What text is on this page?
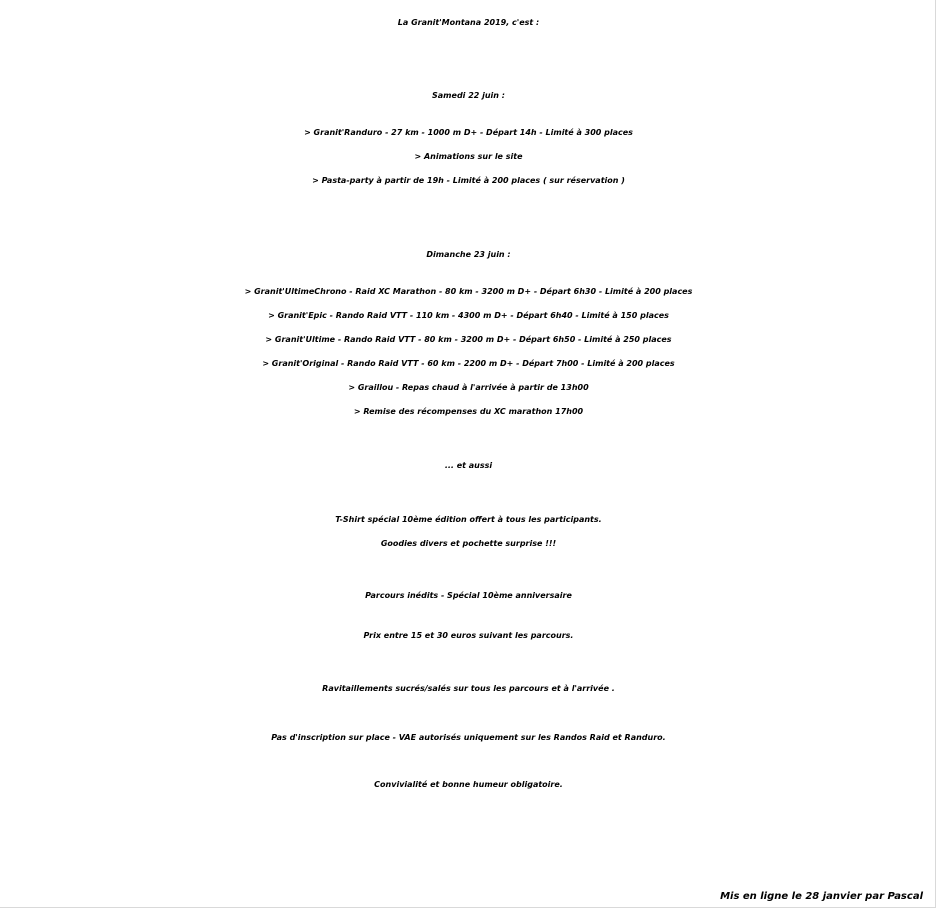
La Granit'Montana 2019, c'est :
Samedi 22 juin :
> Granit'Randuro - 27 km - 1000 m D+ - Départ 14h - Limité à 300 places
> Animations sur le site
> Pasta-party à partir de 19h - Limité à 200 places ( sur réservation )
Dimanche 23 juin :
> Granit'UltimeChrono - Raid XC Marathon - 80 km - 3200 m D+ - Départ 6h30 - Limité à 200 places
> Granit'Epic - Rando Raid VTT - 110 km - 4300 m D+ - Départ 6h40 - Limité à 150 places
> Granit'Ultime - Rando Raid VTT - 80 km - 3200 m D+ - Départ 6h50 - Limité à 250 places
> Granit'Original - Rando Raid VTT - 60 km - 2200 m D+ - Départ 7h00 - Limité à 200 places
> Graillou - Repas chaud à l'arrivée à partir de 13h00
> Remise des récompenses du XC marathon 17h00
... et aussi
T-Shirt spécial 10ème édition offert à tous les participants.
Goodies divers et pochette surprise !!!
Parcours inédits - Spécial 10ème anniversaire
Prix entre 15 et 30 euros suivant les parcours.
Ravitaillements sucrés/salés sur tous les parcours et à l'arrivée .
Pas d'inscription sur place - VAE autorisés uniquement sur les Randos Raid et Randuro.
Convivialité et bonne humeur obligatoire.
Mis en ligne le 28 janvier par Pascal
